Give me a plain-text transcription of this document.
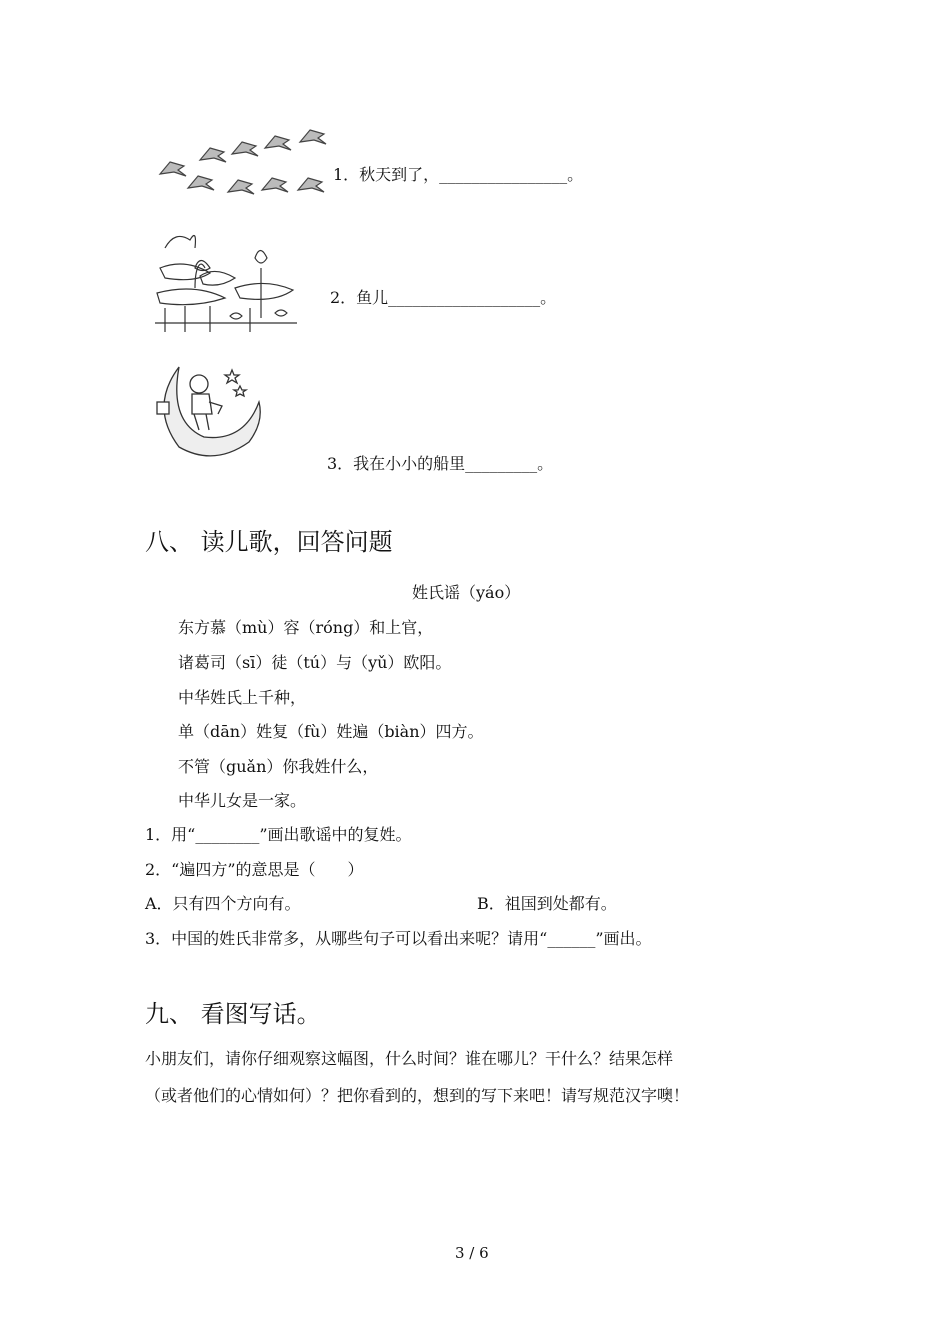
1．秋天到了，________________。
2．鱼儿___________________。
3．我在小小的船里_________。
八、 读儿歌，回答问题
姓氏谣（yáo）
东方慕（mù）容（róng）和上官，
诸葛司（sī）徒（tú）与（yǔ）欧阳。
中华姓氏上千种，
单（dān）姓复（fù）姓遍（biàn）四方。
不管（guǎn）你我姓什么，
中华儿女是一家。
1．用“________”画出歌谣中的复姓。
2．“遍四方”的意思是（　　）
A．只有四个方向有。	B．祖国到处都有。
3．中国的姓氏非常多，从哪些句子可以看出来呢？请用“______”画出。
九、 看图写话。
小朋友们，请你仔细观察这幅图，什么时间？谁在哪儿？干什么？结果怎样
（或者他们的心情如何）？把你看到的，想到的写下来吧！请写规范汉字噢！
3 / 6
